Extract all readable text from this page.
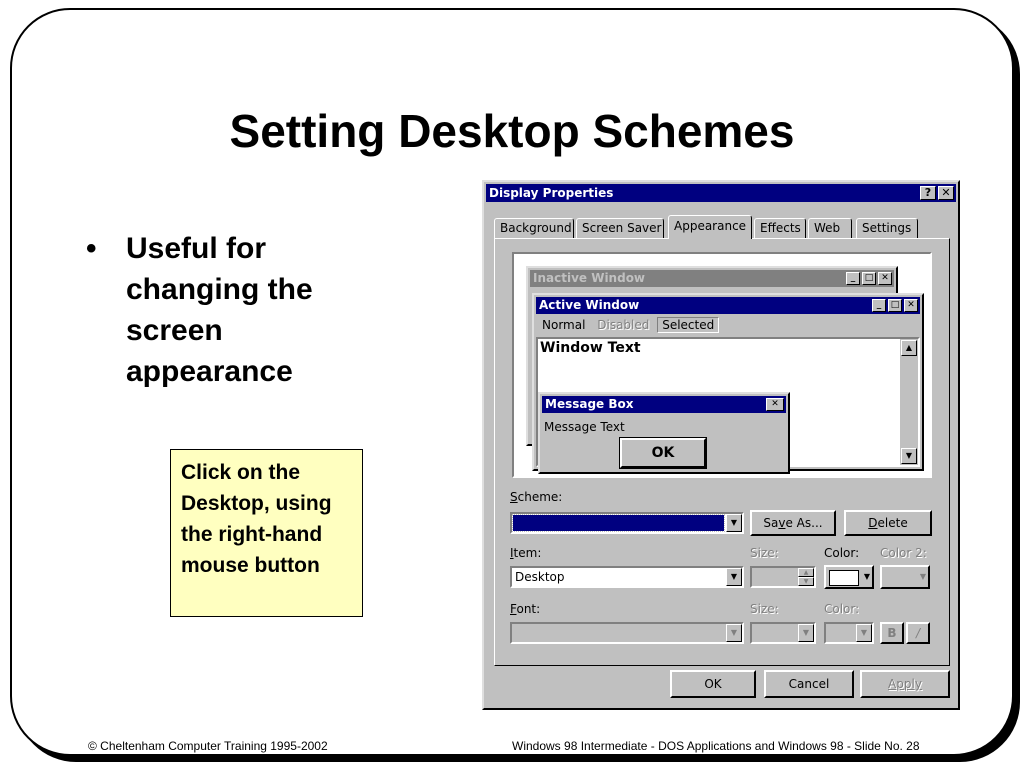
Setting Desktop Schemes
• Useful for changing the screen appearance
Click on the Desktop, using the right-hand mouse button
© Cheltenham Computer Training 1995-2002	Windows 98 Intermediate - DOS Applications and Windows 98 - Slide No. 28
Display Properties	? ✕
Background Screen Saver	Appearance	Effects	Web	Settings
Inactive Window	_	□ ✕
Active Window	_	□ ✕
Normal Disabled Selected
Window Text	▲
▼
Message Box	✕
Message Text
OK
Scheme:
▼	Save As...	Delete
Item:	Size:	Color: Color 2:
Desktop	▼	▲
▼
▼	▼
Font:	Size:	Color:
▼	▼	▼	B	/
OK	Cancel	Apply
